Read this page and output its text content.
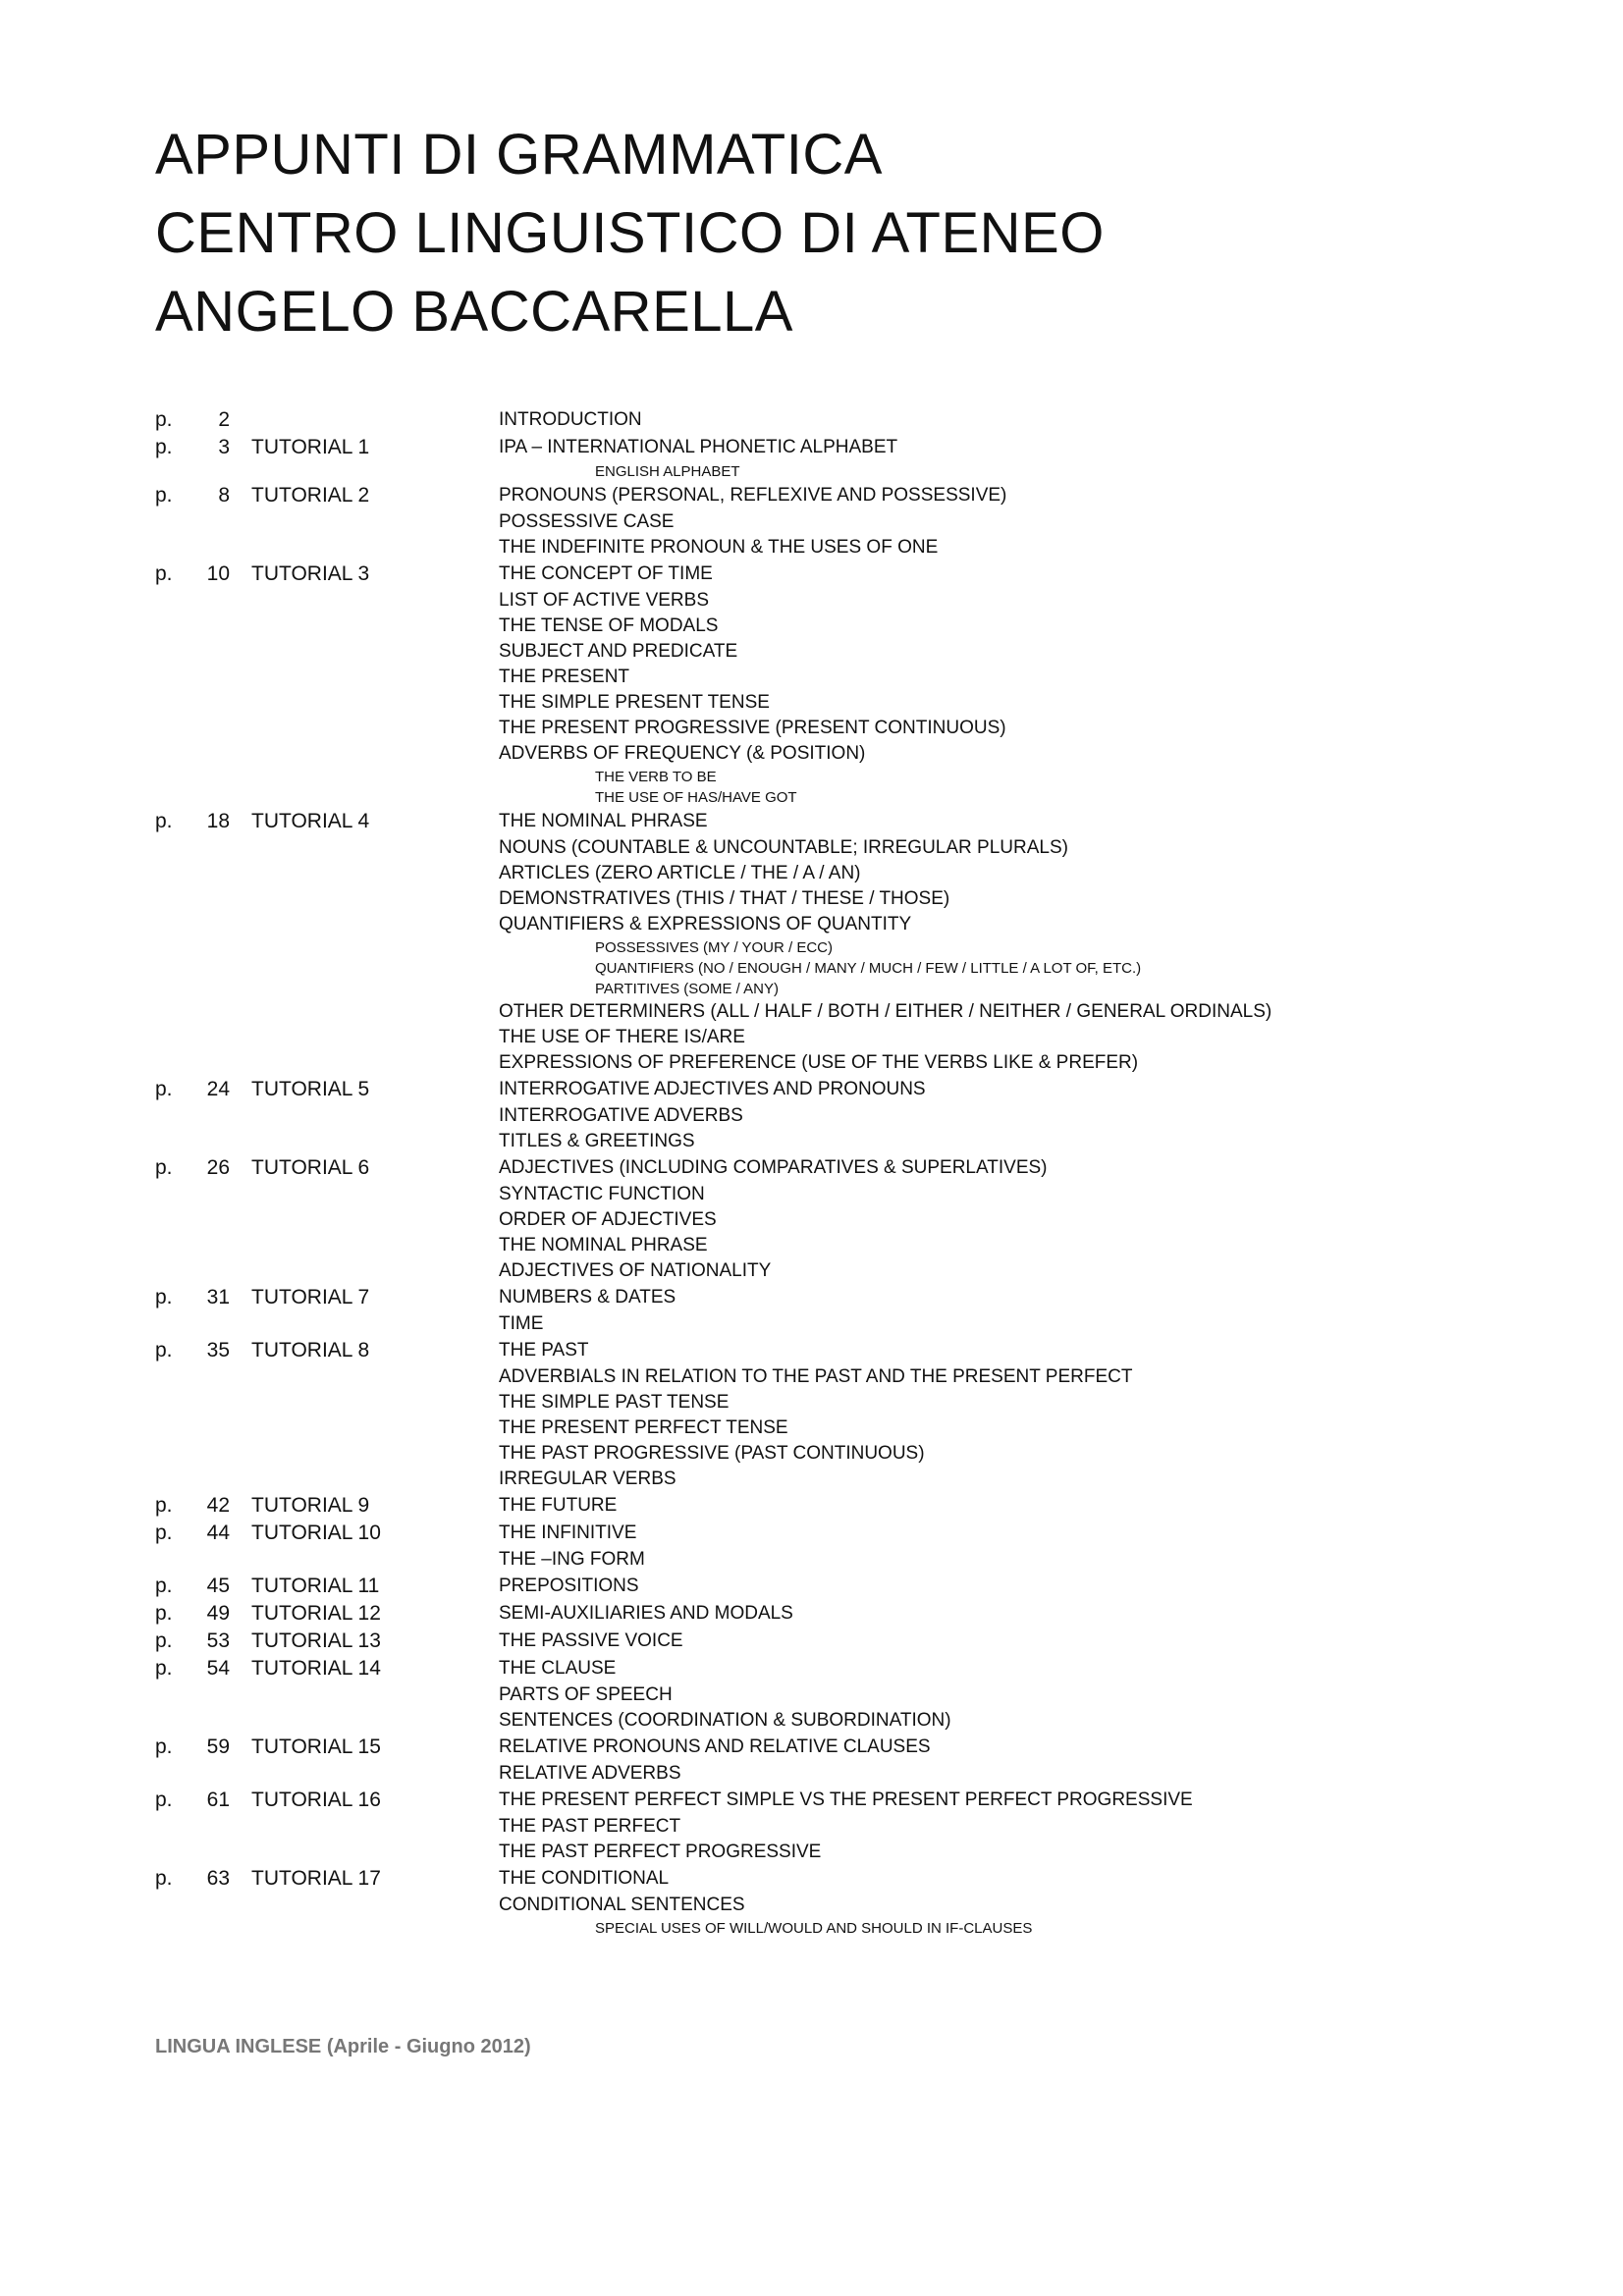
APPUNTI DI GRAMMATICA
CENTRO LINGUISTICO DI ATENEO
ANGELO BACCARELLA
p.	2	INTRODUCTION
p.	3 TUTORIAL 1	IPA – INTERNATIONAL PHONETIC ALPHABET
ENGLISH ALPHABET
p.	8 TUTORIAL 2	PRONOUNS (PERSONAL, REFLEXIVE AND POSSESSIVE)
POSSESSIVE CASE
THE INDEFINITE PRONOUN & THE USES OF ONE
p.	10 TUTORIAL 3	THE CONCEPT OF TIME
LIST OF ACTIVE VERBS
THE TENSE OF MODALS
SUBJECT AND PREDICATE
THE PRESENT
THE SIMPLE PRESENT TENSE
THE PRESENT PROGRESSIVE (PRESENT CONTINUOUS)
ADVERBS OF FREQUENCY (& POSITION)
THE VERB TO BE
THE USE OF HAS/HAVE GOT
p.	18 TUTORIAL 4	THE NOMINAL PHRASE
NOUNS (COUNTABLE & UNCOUNTABLE; IRREGULAR PLURALS)
ARTICLES (ZERO ARTICLE / THE / A / AN)
DEMONSTRATIVES (THIS / THAT / THESE / THOSE)
QUANTIFIERS & EXPRESSIONS OF QUANTITY
POSSESSIVES (MY / YOUR / ECC)
QUANTIFIERS (NO / ENOUGH / MANY / MUCH / FEW / LITTLE / A LOT OF, ETC.)
PARTITIVES (SOME / ANY)
OTHER DETERMINERS (ALL / HALF / BOTH / EITHER / NEITHER / GENERAL ORDINALS)
THE USE OF THERE IS/ARE
EXPRESSIONS OF PREFERENCE (USE OF THE VERBS LIKE & PREFER)
p.	24 TUTORIAL 5	INTERROGATIVE ADJECTIVES AND PRONOUNS
INTERROGATIVE ADVERBS
TITLES & GREETINGS
p.	26 TUTORIAL 6	ADJECTIVES (INCLUDING COMPARATIVES & SUPERLATIVES)
SYNTACTIC FUNCTION
ORDER OF ADJECTIVES
THE NOMINAL PHRASE
ADJECTIVES OF NATIONALITY
p.	31 TUTORIAL 7	NUMBERS & DATES
TIME
p.	35 TUTORIAL 8	THE PAST
ADVERBIALS IN RELATION TO THE PAST AND THE PRESENT PERFECT
THE SIMPLE PAST TENSE
THE PRESENT PERFECT TENSE
THE PAST PROGRESSIVE (PAST CONTINUOUS)
IRREGULAR VERBS
p.	42 TUTORIAL 9	THE FUTURE
p.	44 TUTORIAL 10	THE INFINITIVE
THE –ING FORM
p.	45 TUTORIAL 11	PREPOSITIONS
p.	49 TUTORIAL 12	SEMI-AUXILIARIES AND MODALS
p.	53 TUTORIAL 13	THE PASSIVE VOICE
p.	54 TUTORIAL 14	THE CLAUSE
PARTS OF SPEECH
SENTENCES (COORDINATION & SUBORDINATION)
p.	59 TUTORIAL 15	RELATIVE PRONOUNS AND RELATIVE CLAUSES
RELATIVE ADVERBS
p.	61 TUTORIAL 16	THE PRESENT PERFECT SIMPLE VS THE PRESENT PERFECT PROGRESSIVE
THE PAST PERFECT
THE PAST PERFECT PROGRESSIVE
p.	63 TUTORIAL 17	THE CONDITIONAL
CONDITIONAL SENTENCES
SPECIAL USES OF WILL/WOULD AND SHOULD IN IF-CLAUSES
LINGUA INGLESE (Aprile - Giugno 2012)
